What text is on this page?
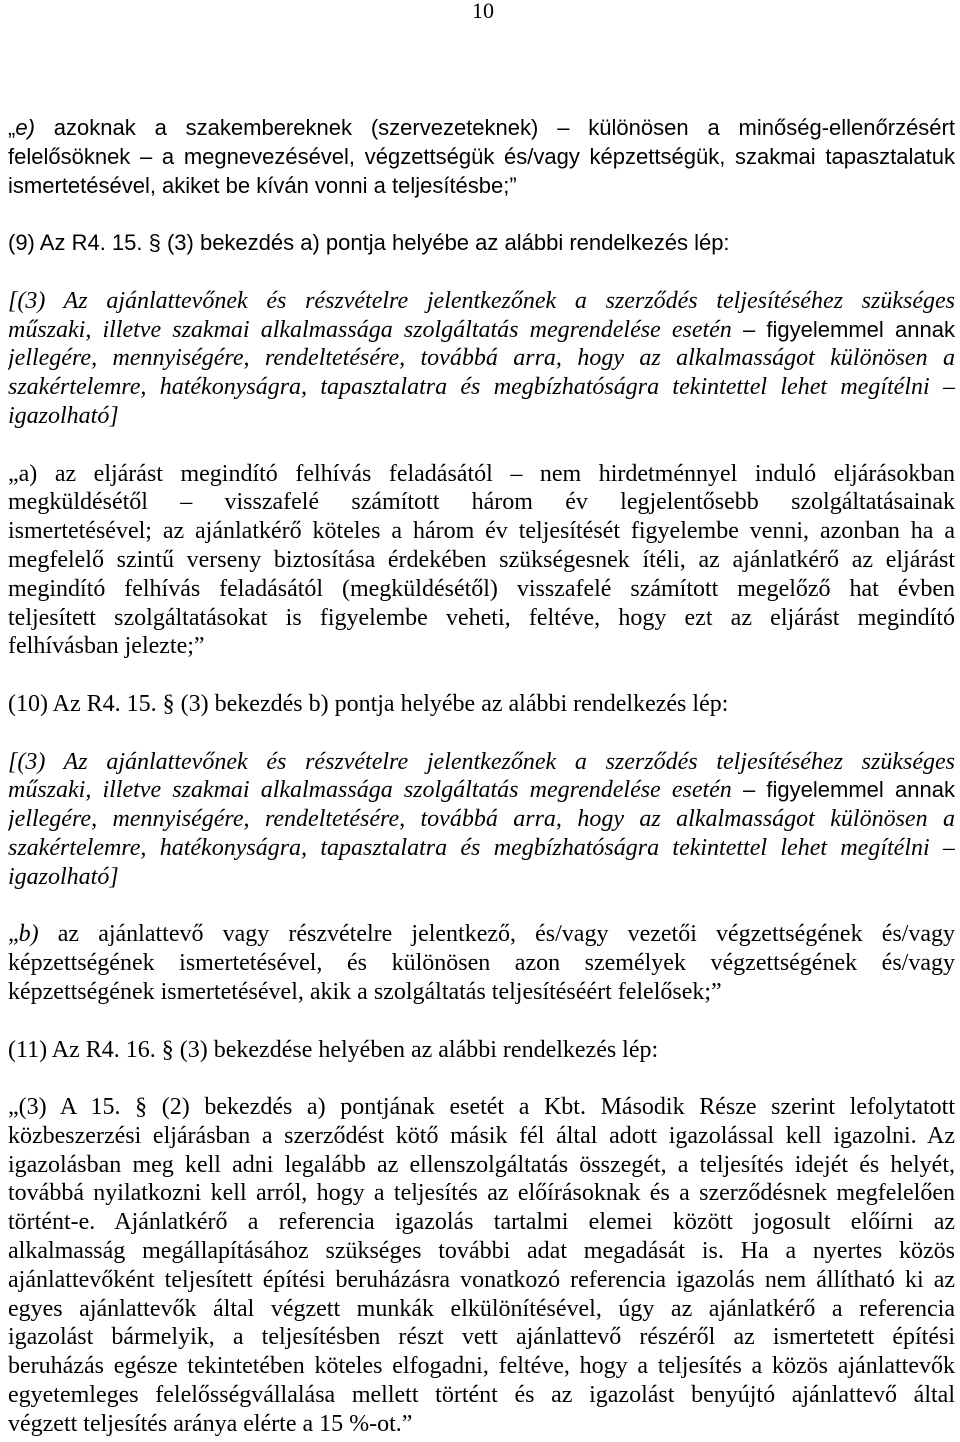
10
„e) azoknak a szakembereknek (szervezeteknek) – különösen a minőség-ellenőrzésért
felelősöknek – a megnevezésével, végzettségük és/vagy képzettségük, szakmai tapasztalatuk
ismertetésével, akiket be kíván vonni a teljesítésbe;”
(9) Az R4. 15. § (3) bekezdés a) pontja helyébe az alábbi rendelkezés lép:
[(3) Az ajánlattevőnek és részvételre jelentkezőnek a szerződés teljesítéséhez szükséges
műszaki, illetve szakmai alkalmassága szolgáltatás megrendelése esetén – figyelemmel annak
jellegére, mennyiségére, rendeltetésére, továbbá arra, hogy az alkalmasságot különösen a
szakértelemre, hatékonyságra, tapasztalatra és megbízhatóságra tekintettel lehet megítélni –
igazolható]
„a) az eljárást megindító felhívás feladásától – nem hirdetménnyel induló eljárásokban
megküldésétől – visszafelé számított három év legjelentősebb szolgáltatásainak
ismertetésével; az ajánlatkérő köteles a három év teljesítését figyelembe venni, azonban ha a
megfelelő szintű verseny biztosítása érdekében szükségesnek ítéli, az ajánlatkérő az eljárást
megindító felhívás feladásától (megküldésétől) visszafelé számított megelőző hat évben
teljesített szolgáltatásokat is figyelembe veheti, feltéve, hogy ezt az eljárást megindító
felhívásban jelezte;”
(10) Az R4. 15. § (3) bekezdés b) pontja helyébe az alábbi rendelkezés lép:
[(3) Az ajánlattevőnek és részvételre jelentkezőnek a szerződés teljesítéséhez szükséges
műszaki, illetve szakmai alkalmassága szolgáltatás megrendelése esetén – figyelemmel annak
jellegére, mennyiségére, rendeltetésére, továbbá arra, hogy az alkalmasságot különösen a
szakértelemre, hatékonyságra, tapasztalatra és megbízhatóságra tekintettel lehet megítélni –
igazolható]
„b) az ajánlattevő vagy részvételre jelentkező, és/vagy vezetői végzettségének és/vagy
képzettségének ismertetésével, és különösen azon személyek végzettségének és/vagy
képzettségének ismertetésével, akik a szolgáltatás teljesítéséért felelősek;”
(11) Az R4. 16. § (3) bekezdése helyében az alábbi rendelkezés lép:
„(3) A 15. § (2) bekezdés a) pontjának esetét a Kbt. Második Része szerint lefolytatott
közbeszerzési eljárásban a szerződést kötő másik fél által adott igazolással kell igazolni. Az
igazolásban meg kell adni legalább az ellenszolgáltatás összegét, a teljesítés idejét és helyét,
továbbá nyilatkozni kell arról, hogy a teljesítés az előírásoknak és a szerződésnek megfelelően
történt-e. Ajánlatkérő a referencia igazolás tartalmi elemei között jogosult előírni az
alkalmasság megállapításához szükséges további adat megadását is. Ha a nyertes közös
ajánlattevőként teljesített építési beruházásra vonatkozó referencia igazolás nem állítható ki az
egyes ajánlattevők által végzett munkák elkülönítésével, úgy az ajánlatkérő a referencia
igazolást bármelyik, a teljesítésben részt vett ajánlattevő részéről az ismertetett építési
beruházás egésze tekintetében köteles elfogadni, feltéve, hogy a teljesítés a közös ajánlattevők
egyetemleges felelősségvállalása mellett történt és az igazolást benyújtó ajánlattevő által
végzett teljesítés aránya elérte a 15 %-ot.”
